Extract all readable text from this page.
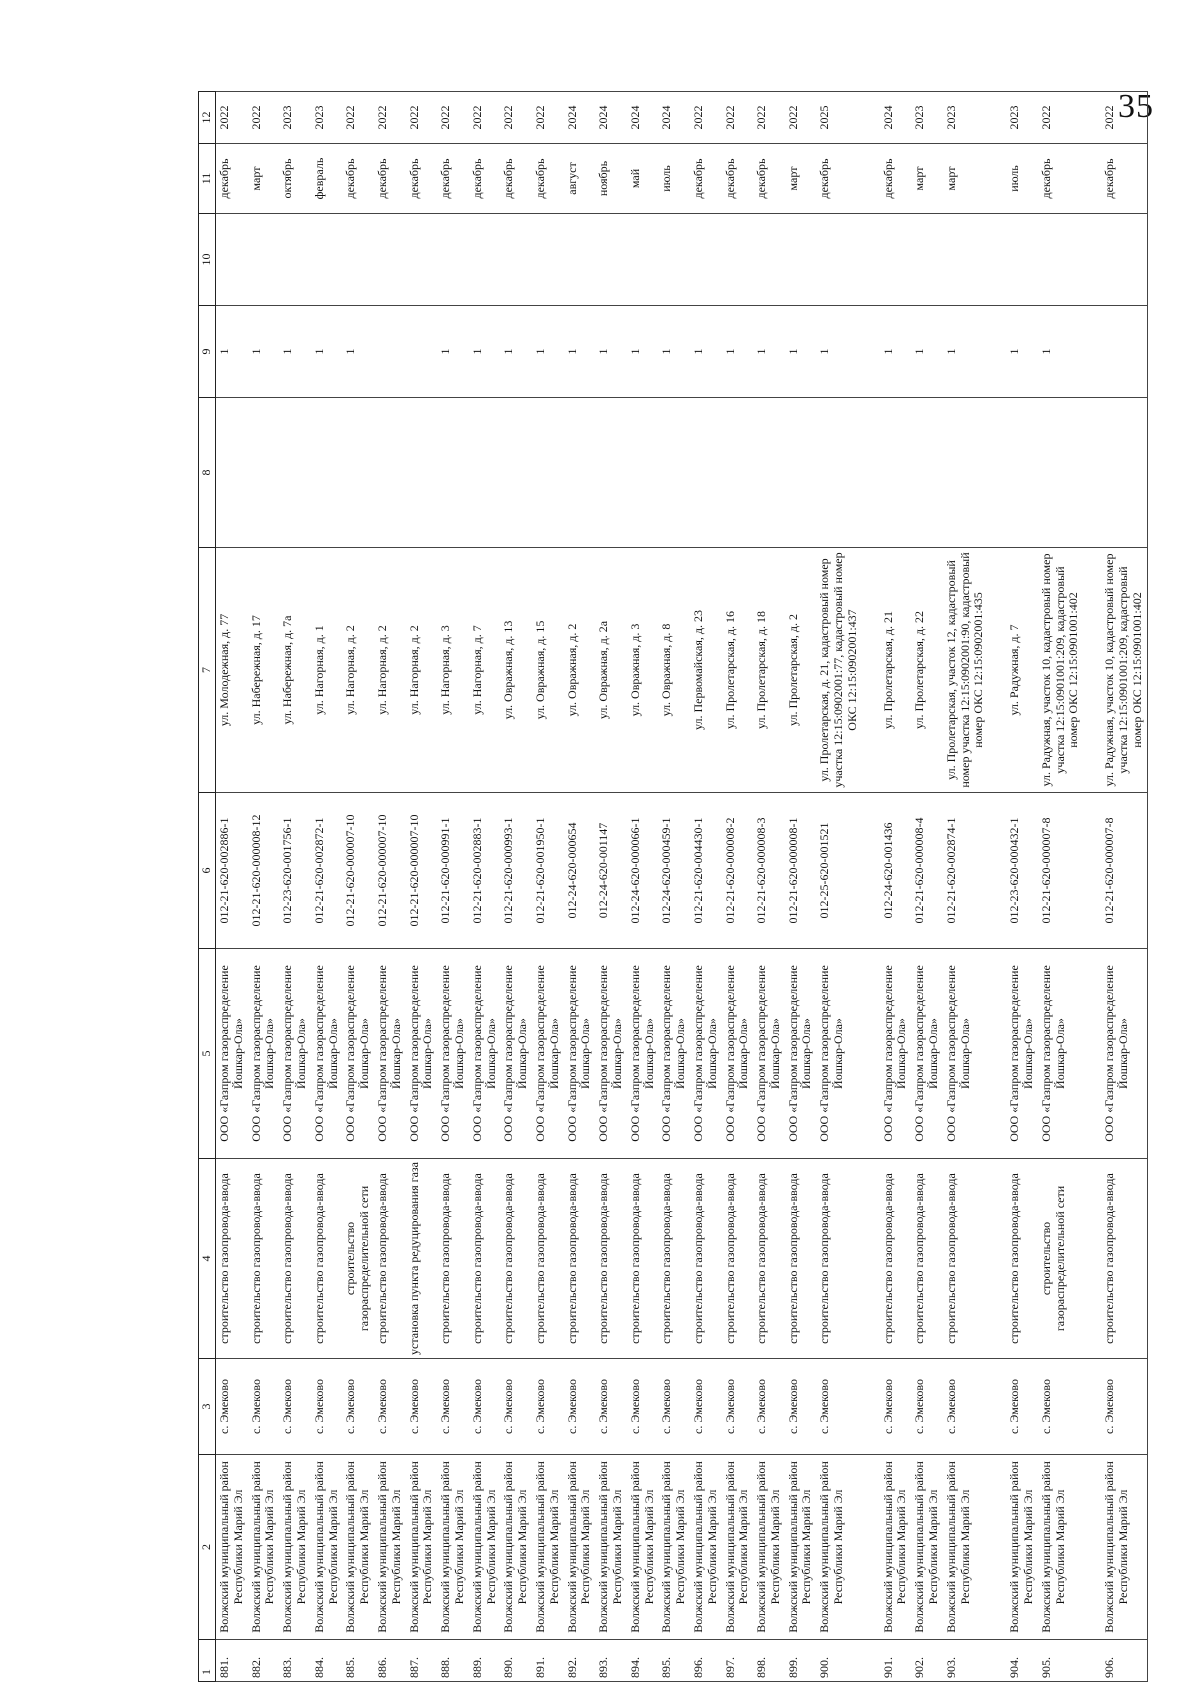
35
1	2	3	4	5	6	7	8	9	10	11	12
881.	Волжский муниципальный район Республики Марий Эл	с. Эмеково	строительство газопровода-ввода	ООО «Газпром газораспределение Йошкар-Ола»	012-21-620-002886-1	ул. Молодежная, д. 77		1		декабрь	2022
882.	Волжский муниципальный район Республики Марий Эл	с. Эмеково	строительство газопровода-ввода	ООО «Газпром газораспределение Йошкар-Ола»	012-21-620-000008-12	ул. Набережная, д. 17		1		март	2022
883.	Волжский муниципальный район Республики Марий Эл	с. Эмеково	строительство газопровода-ввода	ООО «Газпром газораспределение Йошкар-Ола»	012-23-620-001756-1	ул. Набережная, д. 7а		1		октябрь	2023
884.	Волжский муниципальный район Республики Марий Эл	с. Эмеково	строительство газопровода-ввода	ООО «Газпром газораспределение Йошкар-Ола»	012-21-620-002872-1	ул. Нагорная, д. 1		1		февраль	2023
885.	Волжский муниципальный район Республики Марий Эл	с. Эмеково	строительство газораспределительной сети	ООО «Газпром газораспределение Йошкар-Ола»	012-21-620-000007-10	ул. Нагорная, д. 2		1		декабрь	2022
886.	Волжский муниципальный район Республики Марий Эл	с. Эмеково	строительство газопровода-ввода	ООО «Газпром газораспределение Йошкар-Ола»	012-21-620-000007-10	ул. Нагорная, д. 2				декабрь	2022
887.	Волжский муниципальный район Республики Марий Эл	с. Эмеково	установка пункта редуцирования газа	ООО «Газпром газораспределение Йошкар-Ола»	012-21-620-000007-10	ул. Нагорная, д. 2				декабрь	2022
888.	Волжский муниципальный район Республики Марий Эл	с. Эмеково	строительство газопровода-ввода	ООО «Газпром газораспределение Йошкар-Ола»	012-21-620-000991-1	ул. Нагорная, д. 3		1		декабрь	2022
889.	Волжский муниципальный район Республики Марий Эл	с. Эмеково	строительство газопровода-ввода	ООО «Газпром газораспределение Йошкар-Ола»	012-21-620-002883-1	ул. Нагорная, д. 7		1		декабрь	2022
890.	Волжский муниципальный район Республики Марий Эл	с. Эмеково	строительство газопровода-ввода	ООО «Газпром газораспределение Йошкар-Ола»	012-21-620-000993-1	ул. Овражная, д. 13		1		декабрь	2022
891.	Волжский муниципальный район Республики Марий Эл	с. Эмеково	строительство газопровода-ввода	ООО «Газпром газораспределение Йошкар-Ола»	012-21-620-001950-1	ул. Овражная, д. 15		1		декабрь	2022
892.	Волжский муниципальный район Республики Марий Эл	с. Эмеково	строительство газопровода-ввода	ООО «Газпром газораспределение Йошкар-Ола»	012-24-620-000654	ул. Овражная, д. 2		1		август	2024
893.	Волжский муниципальный район Республики Марий Эл	с. Эмеково	строительство газопровода-ввода	ООО «Газпром газораспределение Йошкар-Ола»	012-24-620-001147	ул. Овражная, д. 2а		1		ноябрь	2024
894.	Волжский муниципальный район Республики Марий Эл	с. Эмеково	строительство газопровода-ввода	ООО «Газпром газораспределение Йошкар-Ола»	012-24-620-000066-1	ул. Овражная, д. 3		1		май	2024
895.	Волжский муниципальный район Республики Марий Эл	с. Эмеково	строительство газопровода-ввода	ООО «Газпром газораспределение Йошкар-Ола»	012-24-620-000459-1	ул. Овражная, д. 8		1		июль	2024
896.	Волжский муниципальный район Республики Марий Эл	с. Эмеково	строительство газопровода-ввода	ООО «Газпром газораспределение Йошкар-Ола»	012-21-620-004430-1	ул. Первомайская, д. 23		1		декабрь	2022
897.	Волжский муниципальный район Республики Марий Эл	с. Эмеково	строительство газопровода-ввода	ООО «Газпром газораспределение Йошкар-Ола»	012-21-620-000008-2	ул. Пролетарская, д. 16		1		декабрь	2022
898.	Волжский муниципальный район Республики Марий Эл	с. Эмеково	строительство газопровода-ввода	ООО «Газпром газораспределение Йошкар-Ола»	012-21-620-000008-3	ул. Пролетарская, д. 18		1		декабрь	2022
899.	Волжский муниципальный район Республики Марий Эл	с. Эмеково	строительство газопровода-ввода	ООО «Газпром газораспределение Йошкар-Ола»	012-21-620-000008-1	ул. Пролетарская, д. 2		1		март	2022
900.	Волжский муниципальный район Республики Марий Эл	с. Эмеково	строительство газопровода-ввода	ООО «Газпром газораспределение Йошкар-Ола»	012-25-620-001521	ул. Пролетарская, д. 21, кадастровый номер участка 12:15:0902001:77, кадастровый номер ОКС 12:15:0902001:437		1		декабрь	2025

901.	Волжский муниципальный район Республики Марий Эл	с. Эмеково	строительство газопровода-ввода	ООО «Газпром газораспределение Йошкар-Ола»	012-24-620-001436	ул. Пролетарская, д. 21		1		декабрь	2024
902.	Волжский муниципальный район Республики Марий Эл	с. Эмеково	строительство газопровода-ввода	ООО «Газпром газораспределение Йошкар-Ола»	012-21-620-000008-4	ул. Пролетарская, д. 22		1		март	2023
903.	Волжский муниципальный район Республики Марий Эл	с. Эмеково	строительство газопровода-ввода	ООО «Газпром газораспределение Йошкар-Ола»	012-21-620-002874-1	ул. Пролетарская, участок 12, кадастровый номер участка 12:15:0902001:90, кадастровый номер ОКС 12:15:0902001:435		1		март	2023

904.	Волжский муниципальный район Республики Марий Эл	с. Эмеково	строительство газопровода-ввода	ООО «Газпром газораспределение Йошкар-Ола»	012-23-620-000432-1	ул. Радужная, д. 7		1		июль	2023
905.	Волжский муниципальный район Республики Марий Эл	с. Эмеково	строительство газораспределительной сети	ООО «Газпром газораспределение Йошкар-Ола»	012-21-620-000007-8	ул. Радужная, участок 10, кадастровый номер участка 12:15:0901001:209, кадастровый номер ОКС 12:15:0901001:402		1		декабрь	2022

906.	Волжский муниципальный район Республики Марий Эл	с. Эмеково	строительство газопровода-ввода	ООО «Газпром газораспределение Йошкар-Ола»	012-21-620-000007-8	ул. Радужная, участок 10, кадастровый номер участка 12:15:0901001:209, кадастровый номер ОКС 12:15:0901001:402				декабрь	2022
